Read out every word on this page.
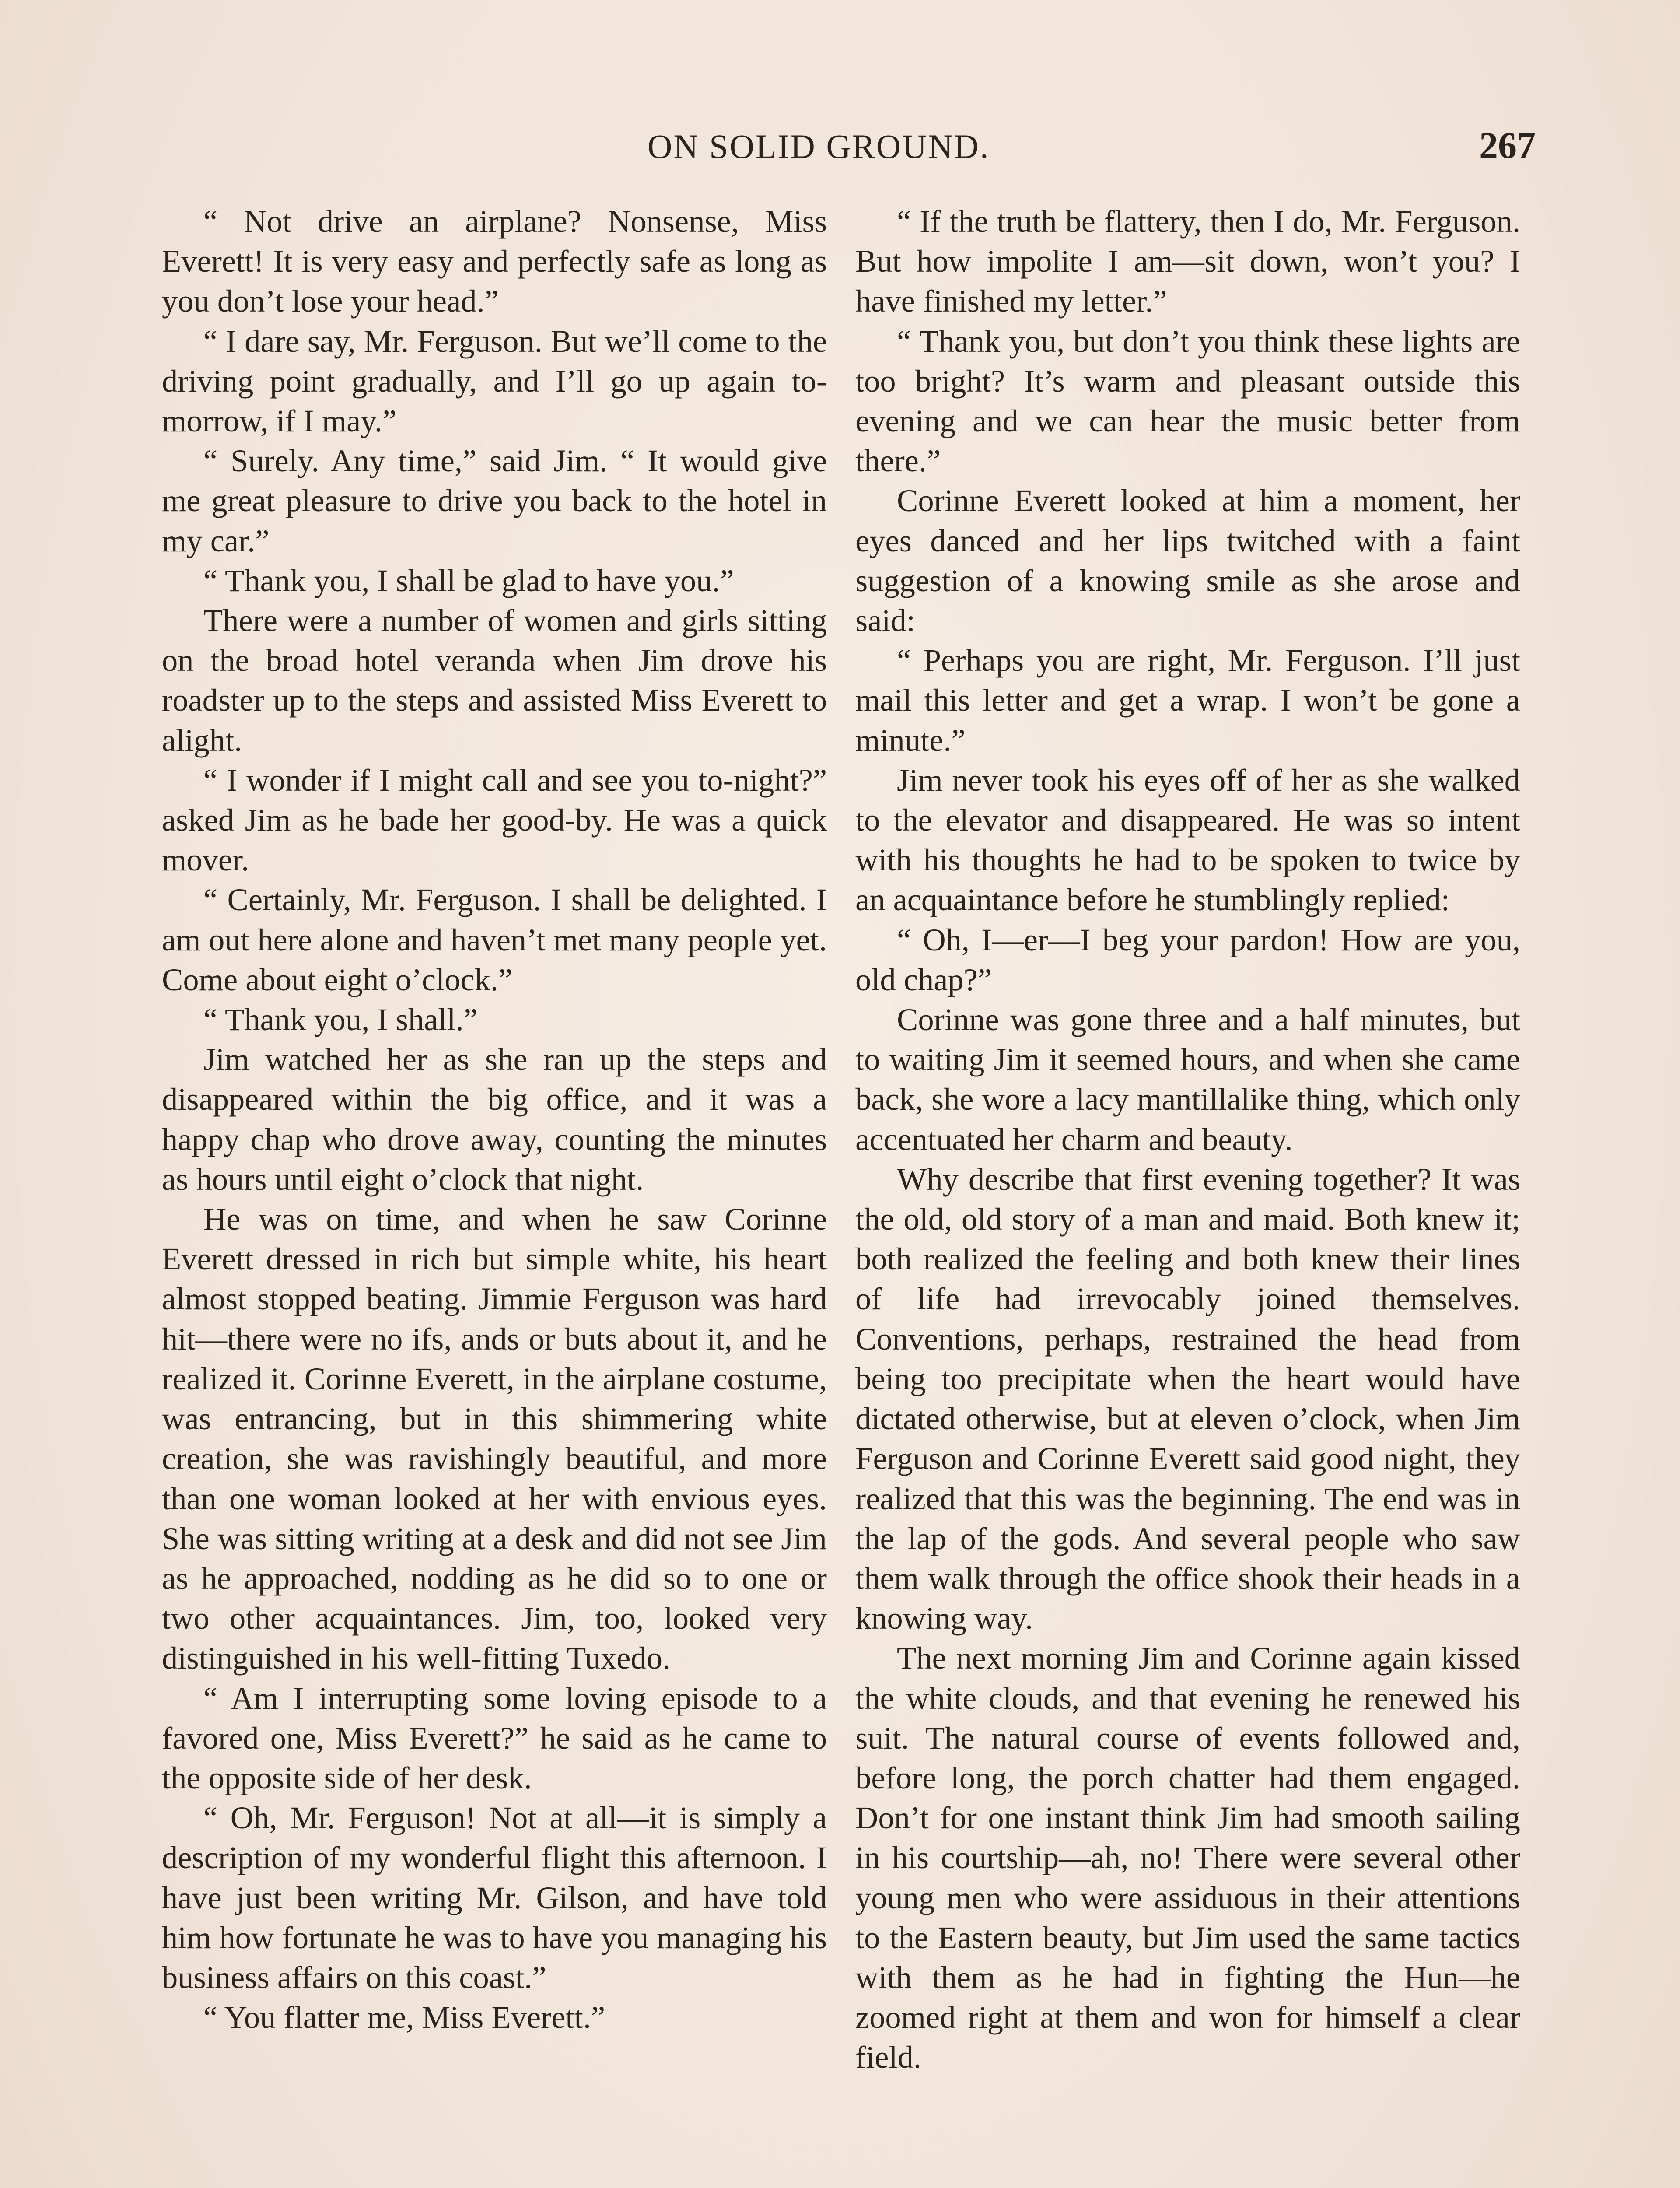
ON SOLID GROUND.	267

“ Not drive an airplane? Nonsense, Miss Everett! It is very easy and perfectly safe as long as you don’t lose your head.”

“ I dare say, Mr. Ferguson. But we’ll come to the driving point gradually, and I’ll go up again to-morrow, if I may.”

“ Surely. Any time,” said Jim. “ It would give me great pleasure to drive you back to the hotel in my car.”

“ Thank you, I shall be glad to have you.”

There were a number of women and girls sitting on the broad hotel veranda when Jim drove his roadster up to the steps and assisted Miss Everett to alight.

“ I wonder if I might call and see you to-night?” asked Jim as he bade her good-by. He was a quick mover.

“ Certainly, Mr. Ferguson. I shall be delighted. I am out here alone and haven’t met many people yet. Come about eight o’clock.”

“ Thank you, I shall.”

Jim watched her as she ran up the steps and disappeared within the big office, and it was a happy chap who drove away, counting the minutes as hours until eight o’clock that night.

He was on time, and when he saw Corinne Everett dressed in rich but simple white, his heart almost stopped beating. Jimmie Ferguson was hard hit—there were no ifs, ands or buts about it, and he realized it. Corinne Everett, in the airplane costume, was entrancing, but in this shimmering white creation, she was ravishingly beautiful, and more than one woman looked at her with envious eyes. She was sitting writing at a desk and did not see Jim as he approached, nodding as he did so to one or two other acquaintances. Jim, too, looked very distinguished in his well-fitting Tuxedo.

“ Am I interrupting some loving episode to a favored one, Miss Everett?” he said as he came to the opposite side of her desk.

“ Oh, Mr. Ferguson! Not at all—it is simply a description of my wonderful flight this afternoon. I have just been writing Mr. Gilson, and have told him how fortunate he was to have you managing his business affairs on this coast.”

“ You flatter me, Miss Everett.”

“ If the truth be flattery, then I do, Mr. Ferguson. But how impolite I am—sit down, won’t you? I have finished my letter.”

“ Thank you, but don’t you think these lights are too bright? It’s warm and pleasant outside this evening and we can hear the music better from there.”

Corinne Everett looked at him a moment, her eyes danced and her lips twitched with a faint suggestion of a knowing smile as she arose and said:

“ Perhaps you are right, Mr. Ferguson. I’ll just mail this letter and get a wrap. I won’t be gone a minute.”

Jim never took his eyes off of her as she walked to the elevator and disappeared. He was so intent with his thoughts he had to be spoken to twice by an acquaintance before he stumblingly replied:

“ Oh, I—er—I beg your pardon! How are you, old chap?”

Corinne was gone three and a half minutes, but to waiting Jim it seemed hours, and when she came back, she wore a lacy mantillalike thing, which only accentuated her charm and beauty.

Why describe that first evening together? It was the old, old story of a man and maid. Both knew it; both realized the feeling and both knew their lines of life had irrevocably joined themselves. Conventions, perhaps, restrained the head from being too precipitate when the heart would have dictated otherwise, but at eleven o’clock, when Jim Ferguson and Corinne Everett said good night, they realized that this was the beginning. The end was in the lap of the gods. And several people who saw them walk through the office shook their heads in a knowing way.

The next morning Jim and Corinne again kissed the white clouds, and that evening he renewed his suit. The natural course of events followed and, before long, the porch chatter had them engaged. Don’t for one instant think Jim had smooth sailing in his courtship—ah, no! There were several other young men who were assiduous in their attentions to the Eastern beauty, but Jim used the same tactics with them as he had in fighting the Hun—he zoomed right at them and won for himself a clear field.
